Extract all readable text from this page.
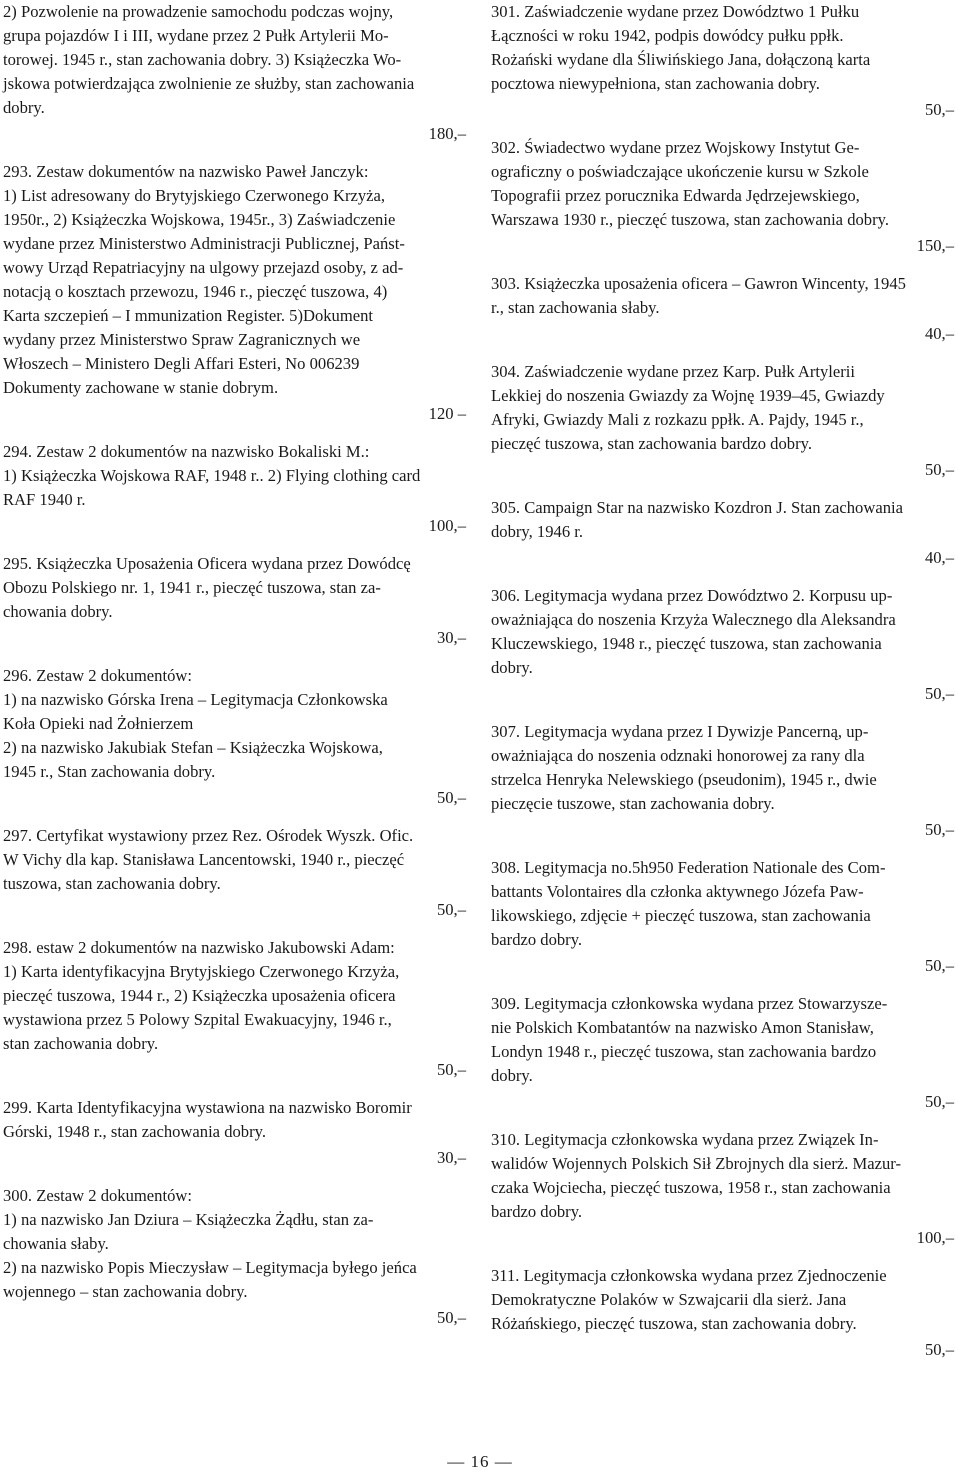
2) Pozwolenie na prowadzenie samochodu podczas wojny,
grupa pojazdów I i III, wydane przez 2 Pułk Artylerii Mo-
torowej. 1945 r., stan zachowania dobry. 3) Książeczka Wo-
jskowa potwierdzająca zwolnienie ze służby, stan zachowania
dobry.
180,–
293. Zestaw dokumentów na nazwisko Paweł Janczyk:
1) List adresowany do Brytyjskiego Czerwonego Krzyża,
1950r., 2) Książeczka Wojskowa, 1945r., 3) Zaświadczenie
wydane przez Ministerstwo Administracji Publicznej, Państ-
wowy Urząd Repatriacyjny na ulgowy przejazd osoby, z ad-
notacją o kosztach przewozu, 1946 r., pieczęć tuszowa, 4)
Karta szczepień – I mmunization Register. 5)Dokument
wydany przez Ministerstwo Spraw Zagranicznych we
Włoszech – Ministero Degli Affari Esteri, No 006239
Dokumenty zachowane w stanie dobrym.
120 –
294. Zestaw 2 dokumentów na nazwisko Bokaliski M.:
1) Książeczka Wojskowa RAF, 1948 r.. 2) Flying clothing card
RAF 1940 r.
100,–
295. Książeczka Uposażenia Oficera wydana przez Dowódcę
Obozu Polskiego nr. 1, 1941 r., pieczęć tuszowa, stan za-
chowania dobry.
30,–
296. Zestaw 2 dokumentów:
1) na nazwisko Górska Irena – Legitymacja Członkowska
Koła Opieki nad Żołnierzem
2) na nazwisko Jakubiak Stefan – Książeczka Wojskowa,
1945 r., Stan zachowania dobry.
50,–
297. Certyfikat wystawiony przez Rez. Ośrodek Wyszk. Ofic.
W Vichy dla kap. Stanisława Lancentowski, 1940 r., pieczęć
tuszowa, stan zachowania dobry.
50,–
298. estaw 2 dokumentów na nazwisko Jakubowski Adam:
1) Karta identyfikacyjna Brytyjskiego Czerwonego Krzyża,
pieczęć tuszowa, 1944 r., 2) Książeczka uposażenia oficera
wystawiona przez 5 Polowy Szpital Ewakuacyjny, 1946 r.,
stan zachowania dobry.
50,–
299. Karta Identyfikacyjna wystawiona na nazwisko Boromir
Górski, 1948 r., stan zachowania dobry.
30,–
300. Zestaw 2 dokumentów:
1) na nazwisko Jan Dziura – Książeczka Żądłu, stan za-
chowania słaby.
2) na nazwisko Popis Mieczysław – Legitymacja byłego jeńca
wojennego – stan zachowania dobry.
50,–
301. Zaświadczenie wydane przez Dowództwo 1 Pułku
Łączności w roku 1942, podpis dowódcy pułku ppłk.
Rożański wydane dla Śliwińskiego Jana, dołączoną karta
pocztowa niewypełniona, stan zachowania dobry.
50,–
302. Świadectwo wydane przez Wojskowy Instytut Ge-
ograficzny o poświadczające ukończenie kursu w Szkole
Topografii przez porucznika Edwarda Jędrzejewskiego,
Warszawa 1930 r., pieczęć tuszowa, stan zachowania dobry.
150,–
303. Książeczka uposażenia oficera – Gawron Wincenty, 1945
r., stan zachowania słaby.
40,–
304. Zaświadczenie wydane przez Karp. Pułk Artylerii
Lekkiej do noszenia Gwiazdy za Wojnę 1939–45, Gwiazdy
Afryki, Gwiazdy Mali z rozkazu ppłk. A. Pajdy, 1945 r.,
pieczęć tuszowa, stan zachowania bardzo dobry.
50,–
305. Campaign Star na nazwisko Kozdron J. Stan zachowania
dobry, 1946 r.
40,–
306. Legitymacja wydana przez Dowództwo 2. Korpusu up-
oważniająca do noszenia Krzyża Walecznego dla Aleksandra
Kluczewskiego, 1948 r., pieczęć tuszowa, stan zachowania
dobry.
50,–
307. Legitymacja wydana przez I Dywizje Pancerną, up-
oważniająca do noszenia odznaki honorowej za rany dla
strzelca Henryka Nelewskiego (pseudonim), 1945 r., dwie
pieczęcie tuszowe, stan zachowania dobry.
50,–
308. Legitymacja no.5h950 Federation Nationale des Com-
battants Volontaires dla członka aktywnego Józefa Paw-
likowskiego, zdjęcie + pieczęć tuszowa, stan zachowania
bardzo dobry.
50,–
309. Legitymacja członkowska wydana przez Stowarzysze-
nie Polskich Kombatantów na nazwisko Amon Stanisław,
Londyn 1948 r., pieczęć tuszowa, stan zachowania bardzo
dobry.
50,–
310. Legitymacja członkowska wydana przez Związek In-
walidów Wojennych Polskich Sił Zbrojnych dla sierż. Mazur-
czaka Wojciecha, pieczęć tuszowa, 1958 r., stan zachowania
bardzo dobry.
100,–
311. Legitymacja członkowska wydana przez Zjednoczenie
Demokratyczne Polaków w Szwajcarii dla sierż. Jana
Różańskiego, pieczęć tuszowa, stan zachowania dobry.
50,–
— 16 —
